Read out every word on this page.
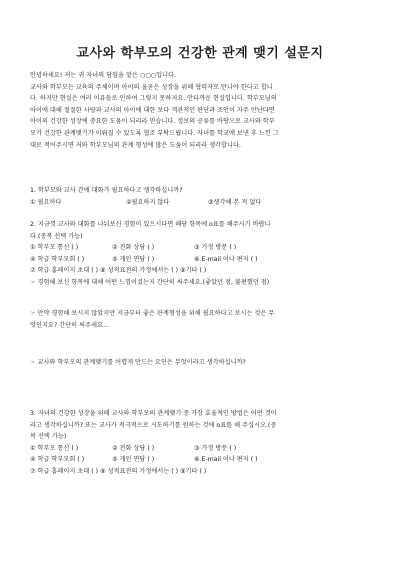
교사와 학부모의 건강한 관계 맺기 설문지
안녕하세요! 저는 귀 자녀의 담임을 맡은 ○○○입니다.
교사와 학부모는 교육의 주체이며 아이의 올곧은 성장을 위해 협력자로 만나야 한다고 합니
다. 하지만 현실은 여러 이유들로 인하여 그렇지 못하지요. 안타까운 현실입니다. 학부모님의
아이에 대해 절절한 사랑과 교사의 아이에 대한 보다 객관적인 판단과 조언이 자주 만난다면
아이의 건강한 성장에 중요한 도움이 되리라 믿습니다. 정보의 공유를 바탕으로 교사와 학부
모가 건강한 관계맺기가 이뤄질 수 있도록 협조 부탁드립니다. 자녀를 학교에 보낸 후 느낀 그
대로 적어주시면 저와 학부모님의 관계 형성에 많은 도움이 되리라 생각합니다.
1. 학부모와 교사 간에 대화가 필요하다고 생각하십니까?
① 필요하다	②필요하지 않다	③생각해 본 적 없다
2. 지금껏 교사와 대화를 나눠보신 경험이 있으시다면 해당 항목에 o표를 해주시기 바랍니
다.(중복 선택 가능)
① 학부모 통신 ( )	② 전화 상담 ( )	③ 가정 방문 ( )
④ 학급 학부모회 ( )	⑤ 개인 면담 ( )	⑥ E-mail 이나 편지 ( )
⑦ 학급 홈페이지 초대 ( ) ⑧ 성적표전의 가정에서는 ( ) ⑨기타 ( )
☞ 경험해 보신 항목에 대해 어떤 느낌이셨는지 간단히 써주세요.(좋았던 점, 불편했던 점)
☞ 만약 경험해 보시지 않았지만 지금부터 좋은 관계형성을 위해 필요하다고 보시는 것은 무
엇인지요? 간단히 써주세요...
☞ 교사와 학부모의 관계맺기를 어렵게 만드는 요인은 무엇이라고 생각하십니까?
3. 자녀의 건강한 성장을 위해 교사와 학부모의 관계맺기 중 가장 효율적인 방법은 어떤 것이
라고 생각하십니까? 또는 교사가 적극적으로 시도하기를 원하는 것에 o표를 해 주십시오.(중
복 선택 가능)
① 학부모 통신 ( )	② 전화 상담 ( )	③ 가정 방문 ( )
④ 학급 학부모회 ( )	⑤ 개인 면담 ( )	⑥ E-mail 이나 편지 ( )
⑦ 학급 홈페이지 초대 ( ) ⑧ 성적표전의 가정에서는 ( ) ⑨기타 ( )
